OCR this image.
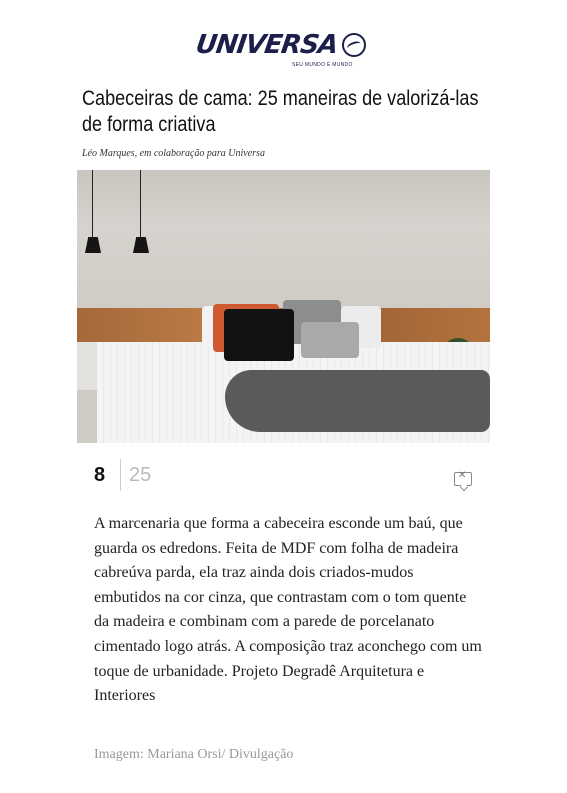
UNIVERSA
SEU MUNDO É MUNDO
Cabeceiras de cama: 25 maneiras de valorizá-las de forma criativa
Léo Marques, em colaboração para Universa
8	25	✕
A marcenaria que forma a cabeceira esconde um baú, que guarda os edredons. Feita de MDF com folha de madeira cabreúva parda, ela traz ainda dois criados-mudos embutidos na cor cinza, que contrastam com o tom quente da madeira e combinam com a parede de porcelanato cimentado logo atrás. A composição traz aconchego com um toque de urbanidade. Projeto Degradê Arquitetura e Interiores
Imagem: Mariana Orsi/ Divulgação
